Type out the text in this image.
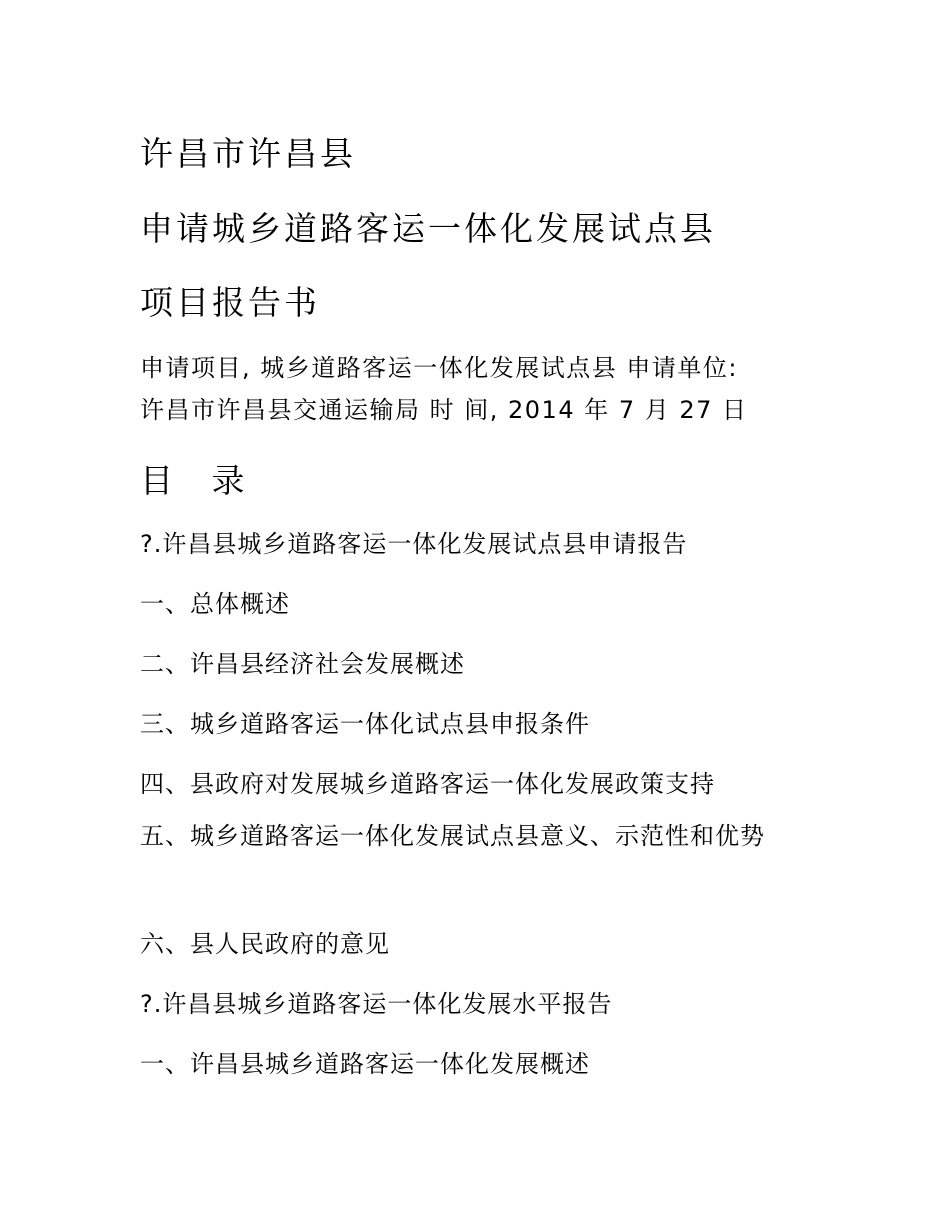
许昌市许昌县
申请城乡道路客运一体化发展试点县
项目报告书
申请项目, 城乡道路客运一体化发展试点县 申请单位:
许昌市许昌县交通运输局 时 间, 2014 年 7 月 27 日
目 录
?.许昌县城乡道路客运一体化发展试点县申请报告
一、总体概述
二、许昌县经济社会发展概述
三、城乡道路客运一体化试点县申报条件
四、县政府对发展城乡道路客运一体化发展政策支持
五、城乡道路客运一体化发展试点县意义、示范性和优势
六、县人民政府的意见
?.许昌县城乡道路客运一体化发展水平报告
一、许昌县城乡道路客运一体化发展概述
